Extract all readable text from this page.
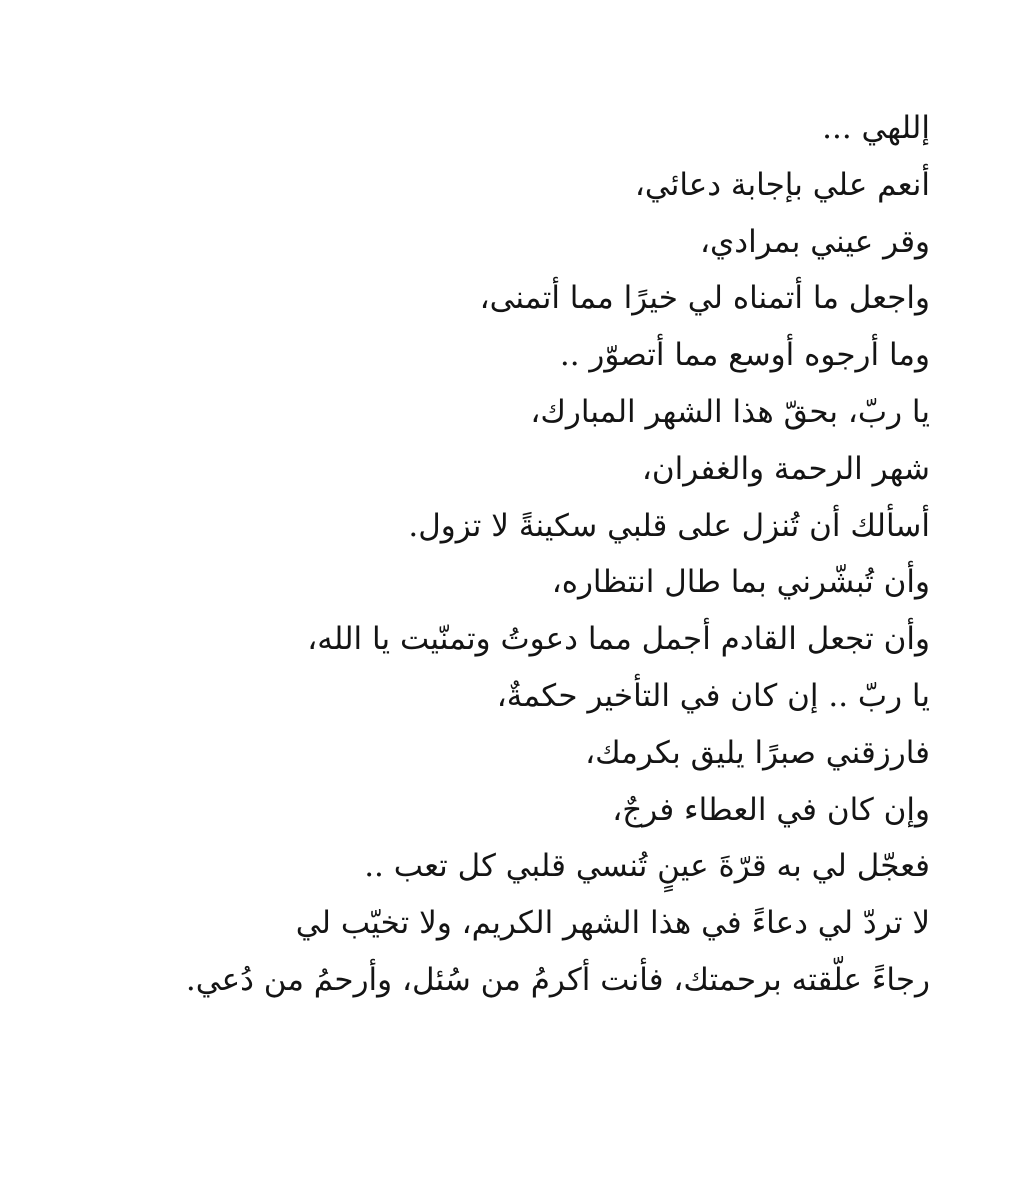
إللهي ...
أنعم علي بإجابة دعائي،
وقر عيني بمرادي،
واجعل ما أتمناه لي خيرًا مما أتمنى،
وما أرجوه أوسع مما أتصوّر ..
يا ربّ، بحقّ هذا الشهر المبارك،
شهر الرحمة والغفران،
أسألك أن تُنزل على قلبي سكينةً لا تزول.
وأن تُبشّرني بما طال انتظاره،
وأن تجعل القادم أجمل مما دعوتُ وتمنّيت يا الله،
يا ربّ .. إن كان في التأخير حكمةٌ،
فارزقني صبرًا يليق بكرمك،
وإن كان في العطاء فرجٌ،
فعجّل لي به قرّةَ عينٍ تُنسي قلبي كل تعب ..
لا تردّ لي دعاءً في هذا الشهر الكريم، ولا تخيّب لي
رجاءً علّقته برحمتك، فأنت أكرمُ من سُئل، وأرحمُ من دُعي.
